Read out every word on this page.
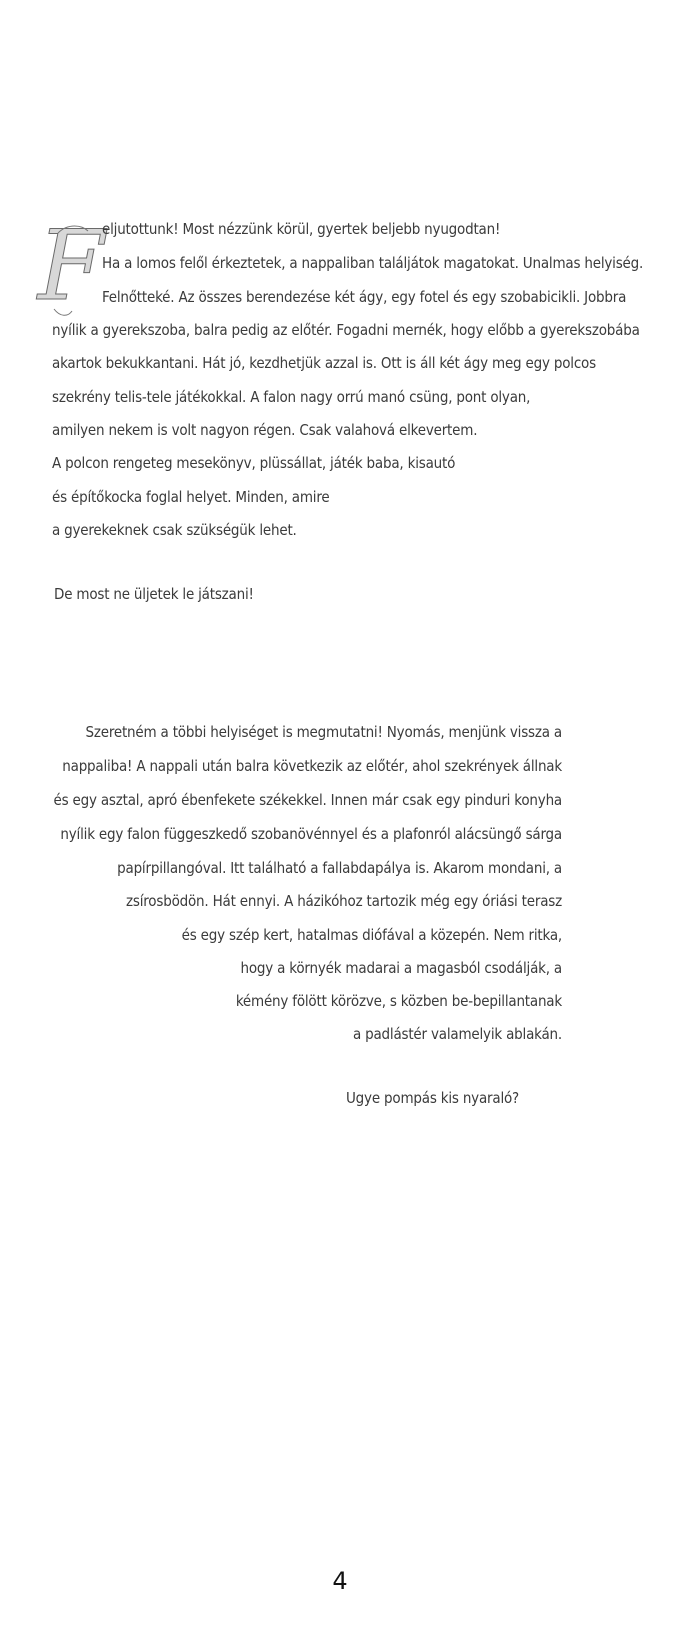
F
eljutottunk! Most nézzünk körül, gyertek beljebb nyugodtan!
Ha a lomos felől érkeztetek, a nappaliban találjátok magatokat. Unalmas helyiség.
Felnőtteké. Az összes berendezése két ágy, egy fotel és egy szobabicikli. Jobbra
nyílik a gyerekszoba, balra pedig az előtér. Fogadni mernék, hogy előbb a gyerekszobába
akartok bekukkantani. Hát jó, kezdhetjük azzal is. Ott is áll két ágy meg egy polcos
szekrény telis-tele játékokkal. A falon nagy orrú manó csüng, pont olyan,
amilyen nekem is volt nagyon régen. Csak valahová elkevertem.
A polcon rengeteg mesekönyv, plüssállat, játék baba, kisautó
és építőkocka foglal helyet. Minden, amire
a gyerekeknek csak szükségük lehet.
De most ne üljetek le játszani!
Szeretném a többi helyiséget is megmutatni! Nyomás, menjünk vissza a
nappaliba! A nappali után balra következik az előtér, ahol szekrények állnak
és egy asztal, apró ébenfekete székekkel. Innen már csak egy pinduri konyha
nyílik egy falon függeszkedő szobanövénnyel és a plafonról alácsüngő sárga
papírpillangóval. Itt található a fallabdapálya is. Akarom mondani, a
zsírosbödön. Hát ennyi. A házikóhoz tartozik még egy óriási terasz
és egy szép kert, hatalmas diófával a közepén. Nem ritka,
hogy a környék madarai a magasból csodálják, a
kémény fölött körözve, s közben be-bepillantanak
a padlástér valamelyik ablakán.
Ugye pompás kis nyaraló?
4
